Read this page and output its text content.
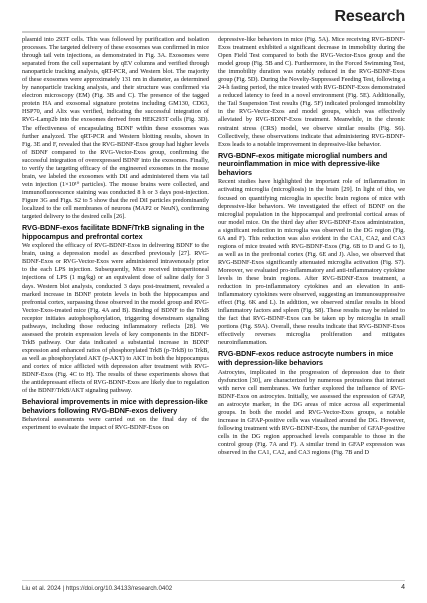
Research

plasmid into 293T cells. This was followed by purification and isolation processes. The targeted delivery of these exosomes was confirmed in mice through tail vein injections, as demonstrated in Fig. 3A. Exosomes were separated from the cell supernatant by qEV columns and verified through nanoparticle tracking analysis, qRT-PCR, and Western blot. The majority of these exosomes were approximately 131 nm in diameter, as determined by nanoparticle tracking analysis, and their structure was confirmed via electron microscopy (EM) (Fig. 3B and C). The presence of the tagged protein HA and exosomal signature proteins including GM130, CD63, HSP70, and Alix was verified, indicating the successful integration of RVG-Lamp2b into the exosomes derived from HEK293T cells (Fig. 3D). The effectiveness of encapsulating BDNF within these exosomes was further analyzed. The qRT-PCR and Western blotting results, shown in Fig. 3E and F, revealed that the RVG-BDNF-Exos group had higher levels of BDNF compared to the RVG-Vector-Exos group, confirming the successful integration of overexpressed BDNF into the exosomes. Finally, to verify the targeting efficacy of the engineered exosomes in the mouse brain, we labeled the exosomes with DiI and administered them via tail vein injection (1×10¹⁰ particles). The mouse brains were collected, and immunofluorescence staining was conducted 8 h or 3 days post-injection. Figure 3G and Figs. S2 to 5 show that the red DiI particles predominantly localized to the cell membranes of neurons (MAP2 or NeuN), confirming targeted delivery to the desired cells [26].

RVG-BDNF-exos facilitate BDNF/TrkB signaling in the hippocampus and prefrontal cortex

We explored the efficacy of RVG-BDNF-Exos in delivering BDNF to the brain, using a depression model as described previously [27]. RVG-BDNF-Exos or RVG-Vector-Exos were administered intravenously prior to the each LPS injection. Subsequently, Mice received intraperitoneal injections of LPS (1 mg/kg) or an equivalent dose of saline daily for 3 days. Western blot analysis, conducted 3 days post-treatment, revealed a marked increase in BDNF protein levels in both the hippocampus and prefrontal cortex, surpassing those observed in the model group and RVG-Vector-Exos-treated mice (Fig. 4A and B). Binding of BDNF to the TrkB receptor initiates autophosphorylation, triggering downstream signaling pathways, including those reducing inflammatory reflects [28]. We assessed the protein expression levels of key components in the BDNF-TrkB pathway. Our data indicated a substantial increase in BDNF expression and enhanced ratios of phosphorylated TrkB (p-TrkB) to TrkB, as well as phosphorylated AKT (p-AKT) to AKT in both the hippocampus and cortex of mice afflicted with depression after treatment with RVG-BDNF-Exos (Fig. 4C to H). The results of these experiments shows that the antidepressant effects of RVG-BDNF-Exos are likely due to regulation of the BDNF/TrkB/AKT signaling pathway.

Behavioral improvements in mice with depression-like behaviors following RVG-BDNF-exos delivery

Behavioral assessments were carried out on the final day of the experiment to evaluate the impact of RVG-BDNF-Exos on

depressive-like behaviors in mice (Fig. 5A). Mice receiving RVG-BDNF-Exos treatment exhibited a significant decrease in immobility during the Open Field Test compared to both the RVG-Vector-Exos group and the model group (Fig. 5B and C). Furthermore, in the Forced Swimming Test, the immobility duration was notably reduced in the RVG-BDNF-Exos group (Fig. 5D). During the Novelty-Suppressed Feeding Test, following a 24-h fasting period, the mice treated with RVG-BDNF-Exos demonstrated a reduced latency to feed in a novel environment (Fig. 5E). Additionally, the Tail Suspension Test results (Fig. 5F) indicated prolonged immobility in the RVG-Vector-Exos and model groups, which was effectively alleviated by RVG-BDNF-Exos treatment. Meanwhile, in the chronic restraint stress (CRS) model, we observe similar results (Fig. S6). Collectively, these observations indicate that administering RVG-BDNF-Exos leads to a notable improvement in depressive-like behavior.

RVG-BDNF-exos mitigate microglial numbers and neuroinflammation in mice with depressive-like behaviors

Recent studies have highlighted the important role of inflammation in activating microglia (microgliosis) in the brain [29]. In light of this, we focused on quantifying microglia in specific brain regions of mice with depressive-like behaviors. We investigated the effect of BDNF on the microglial population in the hippocampal and prefrontal cortical areas of our model mice. On the third day after RVG-BDNF-Exos administration, a significant reduction in microglia was observed in the DG region (Fig. 6A and F). This reduction was also evident in the CA1, CA2, and CA3 regions of mice treated with RVG-BDNF-Exos (Fig. 6B to D and G to I), as well as in the prefrontal cortex (Fig. 6E and J). Also, we observed that RVG-BDNF-Exos significantly attenuated microglia activation (Fig. S7). Moreover, we evaluated pro-inflammatory and anti-inflammatory cytokine levels in these brain regions. After RVG-BDNF-Exos treatment, a reduction in pro-inflammatory cytokines and an elevation in anti-inflammatory cytokines were observed, suggesting an immunosuppressive effect (Fig. 6K and L). In addition, we observed similar results in blood inflammatory factors and spleen (Fig. S8). These results may be related to the fact that RVG-BDNF-Exos can be taken up by microglia in small portions (Fig. S9A). Overall, these results indicate that RVG-BDNF-Exos effectively reverses microglia proliferation and mitigates neuroinflammation.

RVG-BDNF-exos reduce astrocyte numbers in mice with depression-like behaviors

Astrocytes, implicated in the progression of depression due to their dysfunction [30], are characterized by numerous protrusions that interact with nerve cell membranes. We further explored the influence of RVG-BDNF-Exos on astrocytes. Initially, we assessed the expression of GFAP, an astrocyte marker, in the DG areas of mice across all experimental groups. In both the model and RVG-Vector-Exos groups, a notable increase in GFAP-positive cells was visualized around the DG. However, following treatment with RVG-BDNF-Exos, the number of GFAP-positive cells in the DG region approached levels comparable to those in the control group (Fig. 7A and F). A similar trend in GFAP expression was observed in the CA1, CA2, and CA3 regions (Fig. 7B and D

Liu et al. 2024 | https://doi.org/10.34133/research.0402	4
